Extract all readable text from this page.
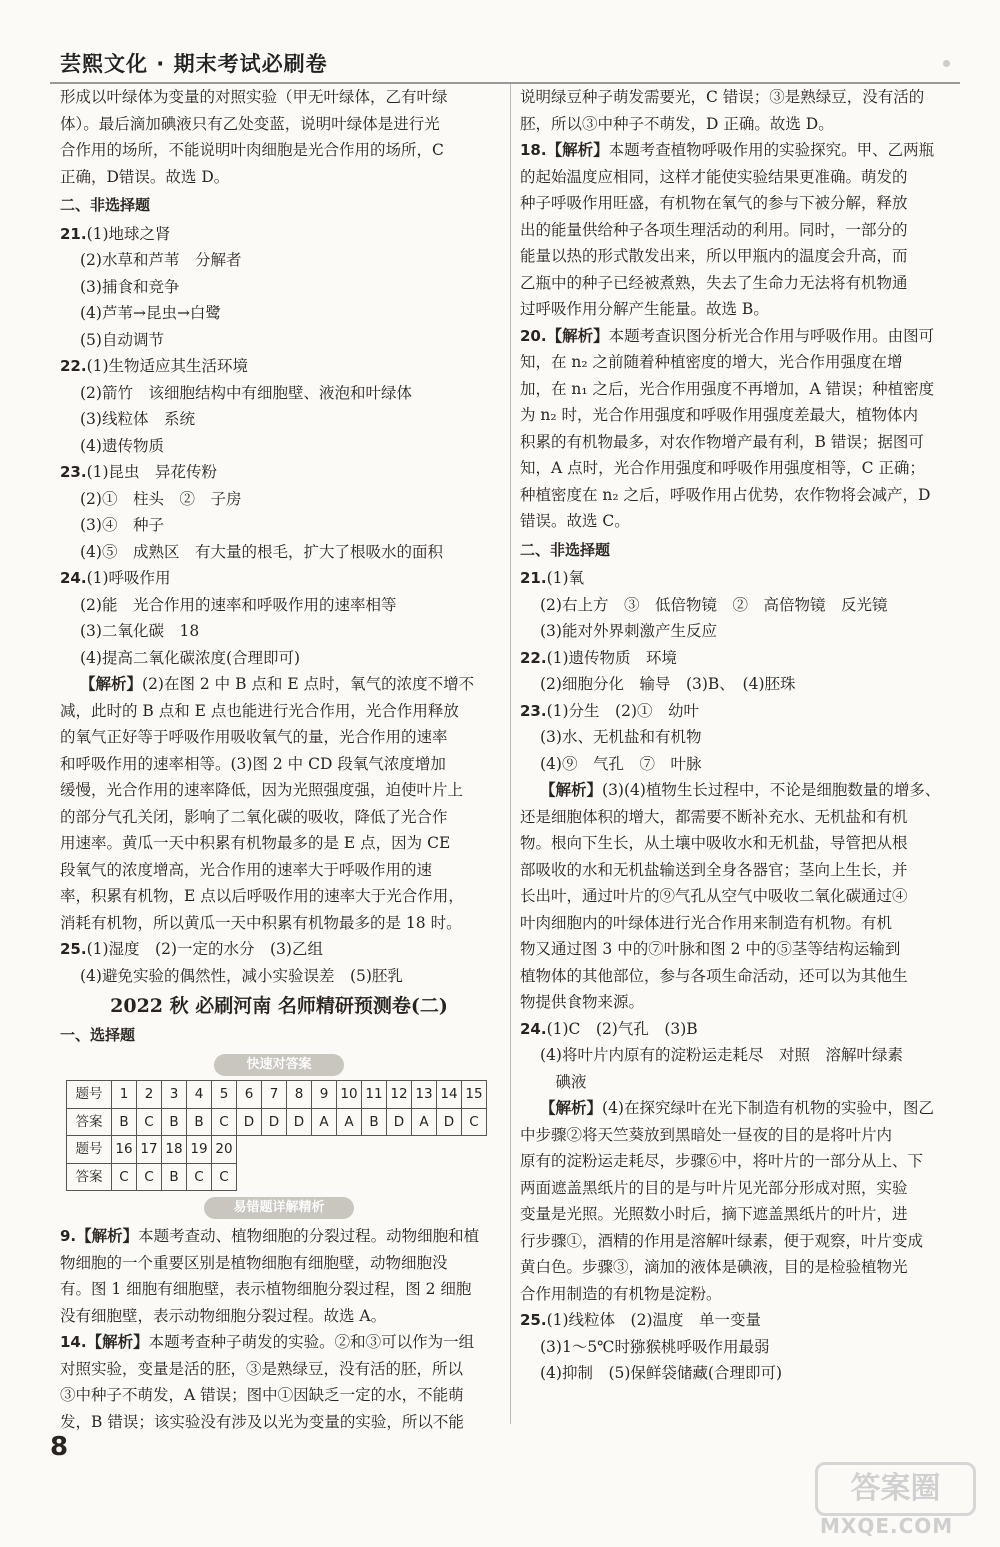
芸熙文化 · 期末考试必刷卷
形成以叶绿体为变量的对照实验（甲无叶绿体，乙有叶绿
体）。最后滴加碘液只有乙处变蓝，说明叶绿体是进行光
合作用的场所，不能说明叶肉细胞是光合作用的场所，C
正确，D错误。故选 D。
二、非选择题
21.(1)地球之肾
(2)水草和芦苇　分解者
(3)捕食和竞争
(4)芦苇→昆虫→白鹭
(5)自动调节
22.(1)生物适应其生活环境
(2)箭竹　该细胞结构中有细胞壁、液泡和叶绿体
(3)线粒体　系统
(4)遗传物质
23.(1)昆虫　异花传粉
(2)①　柱头　②　子房
(3)④　种子
(4)⑤　成熟区　有大量的根毛，扩大了根吸水的面积
24.(1)呼吸作用
(2)能　光合作用的速率和呼吸作用的速率相等
(3)二氧化碳　18
(4)提高二氧化碳浓度(合理即可)
【解析】(2)在图 2 中 B 点和 E 点时，氧气的浓度不增不
减，此时的 B 点和 E 点也能进行光合作用，光合作用释放
的氧气正好等于呼吸作用吸收氧气的量，光合作用的速率
和呼吸作用的速率相等。(3)图 2 中 CD 段氧气浓度增加
缓慢，光合作用的速率降低，因为光照强度强，迫使叶片上
的部分气孔关闭，影响了二氧化碳的吸收，降低了光合作
用速率。黄瓜一天中积累有机物最多的是 E 点，因为 CE
段氧气的浓度增高，光合作用的速率大于呼吸作用的速
率，积累有机物，E 点以后呼吸作用的速率大于光合作用，
消耗有机物，所以黄瓜一天中积累有机物最多的是 18 时。
25.(1)湿度　(2)一定的水分　(3)乙组
(4)避免实验的偶然性，减小实验误差　(5)胚乳
2022 秋 必刷河南 名师精研预测卷(二)
一、选择题
快速对答案
题号	1	2	3	4	5	6	7	8	9	10	11	12	13	14	15
答案	B	C	B	B	C	D	D	D	A	A	B	D	A	D	C
题号	16	17	18	19	20										
答案	C	C	B	C	C										
易错题详解精析
9.【解析】本题考查动、植物细胞的分裂过程。动物细胞和植
物细胞的一个重要区别是植物细胞有细胞壁，动物细胞没
有。图 1 细胞有细胞壁，表示植物细胞分裂过程，图 2 细胞
没有细胞壁，表示动物细胞分裂过程。故选 A。
14.【解析】本题考查种子萌发的实验。②和③可以作为一组
对照实验，变量是活的胚，③是熟绿豆，没有活的胚，所以
③中种子不萌发，A 错误；图中①因缺乏一定的水，不能萌
发，B 错误；该实验没有涉及以光为变量的实验，所以不能
说明绿豆种子萌发需要光，C 错误；③是熟绿豆，没有活的
胚，所以③中种子不萌发，D 正确。故选 D。
18.【解析】本题考查植物呼吸作用的实验探究。甲、乙两瓶
的起始温度应相同，这样才能使实验结果更准确。萌发的
种子呼吸作用旺盛，有机物在氧气的参与下被分解，释放
出的能量供给种子各项生理活动的利用。同时，一部分的
能量以热的形式散发出来，所以甲瓶内的温度会升高，而
乙瓶中的种子已经被煮熟，失去了生命力无法将有机物通
过呼吸作用分解产生能量。故选 B。
20.【解析】本题考查识图分析光合作用与呼吸作用。由图可
知，在 n₂ 之前随着种植密度的增大，光合作用强度在增
加，在 n₁ 之后，光合作用强度不再增加，A 错误；种植密度
为 n₂ 时，光合作用强度和呼吸作用强度差最大，植物体内
积累的有机物最多，对农作物增产最有利，B 错误；据图可
知，A 点时，光合作用强度和呼吸作用强度相等，C 正确；
种植密度在 n₂ 之后，呼吸作用占优势，农作物将会减产，D
错误。故选 C。
二、非选择题
21.(1)氧
(2)右上方　③　低倍物镜　②　高倍物镜　反光镜
(3)能对外界刺激产生反应
22.(1)遗传物质　环境
(2)细胞分化　输导　(3)B、　(4)胚珠
23.(1)分生　(2)①　幼叶
(3)水、无机盐和有机物
(4)⑨　气孔　⑦　叶脉
【解析】(3)(4)植物生长过程中，不论是细胞数量的增多、
还是细胞体积的增大，都需要不断补充水、无机盐和有机
物。根向下生长，从土壤中吸收水和无机盐，导管把从根
部吸收的水和无机盐输送到全身各器官；茎向上生长，并
长出叶，通过叶片的⑨气孔从空气中吸收二氧化碳通过④
叶肉细胞内的叶绿体进行光合作用来制造有机物。有机
物又通过图 3 中的⑦叶脉和图 2 中的⑤茎等结构运输到
植物体的其他部位，参与各项生命活动，还可以为其他生
物提供食物来源。
24.(1)C　(2)气孔　(3)B
(4)将叶片内原有的淀粉运走耗尽　对照　溶解叶绿素
　碘液
【解析】(4)在探究绿叶在光下制造有机物的实验中，图乙
中步骤②将天竺葵放到黑暗处一昼夜的目的是将叶片内
原有的淀粉运走耗尽，步骤⑥中，将叶片的一部分从上、下
两面遮盖黑纸片的目的是与叶片见光部分形成对照，实验
变量是光照。光照数小时后，摘下遮盖黑纸片的叶片，进
行步骤①，酒精的作用是溶解叶绿素，便于观察，叶片变成
黄白色。步骤③，滴加的液体是碘液，目的是检验植物光
合作用制造的有机物是淀粉。
25.(1)线粒体　(2)温度　单一变量
(3)1～5℃时猕猴桃呼吸作用最弱
(4)抑制　(5)保鲜袋储藏(合理即可)
8
答案圈
MXQE.COM
